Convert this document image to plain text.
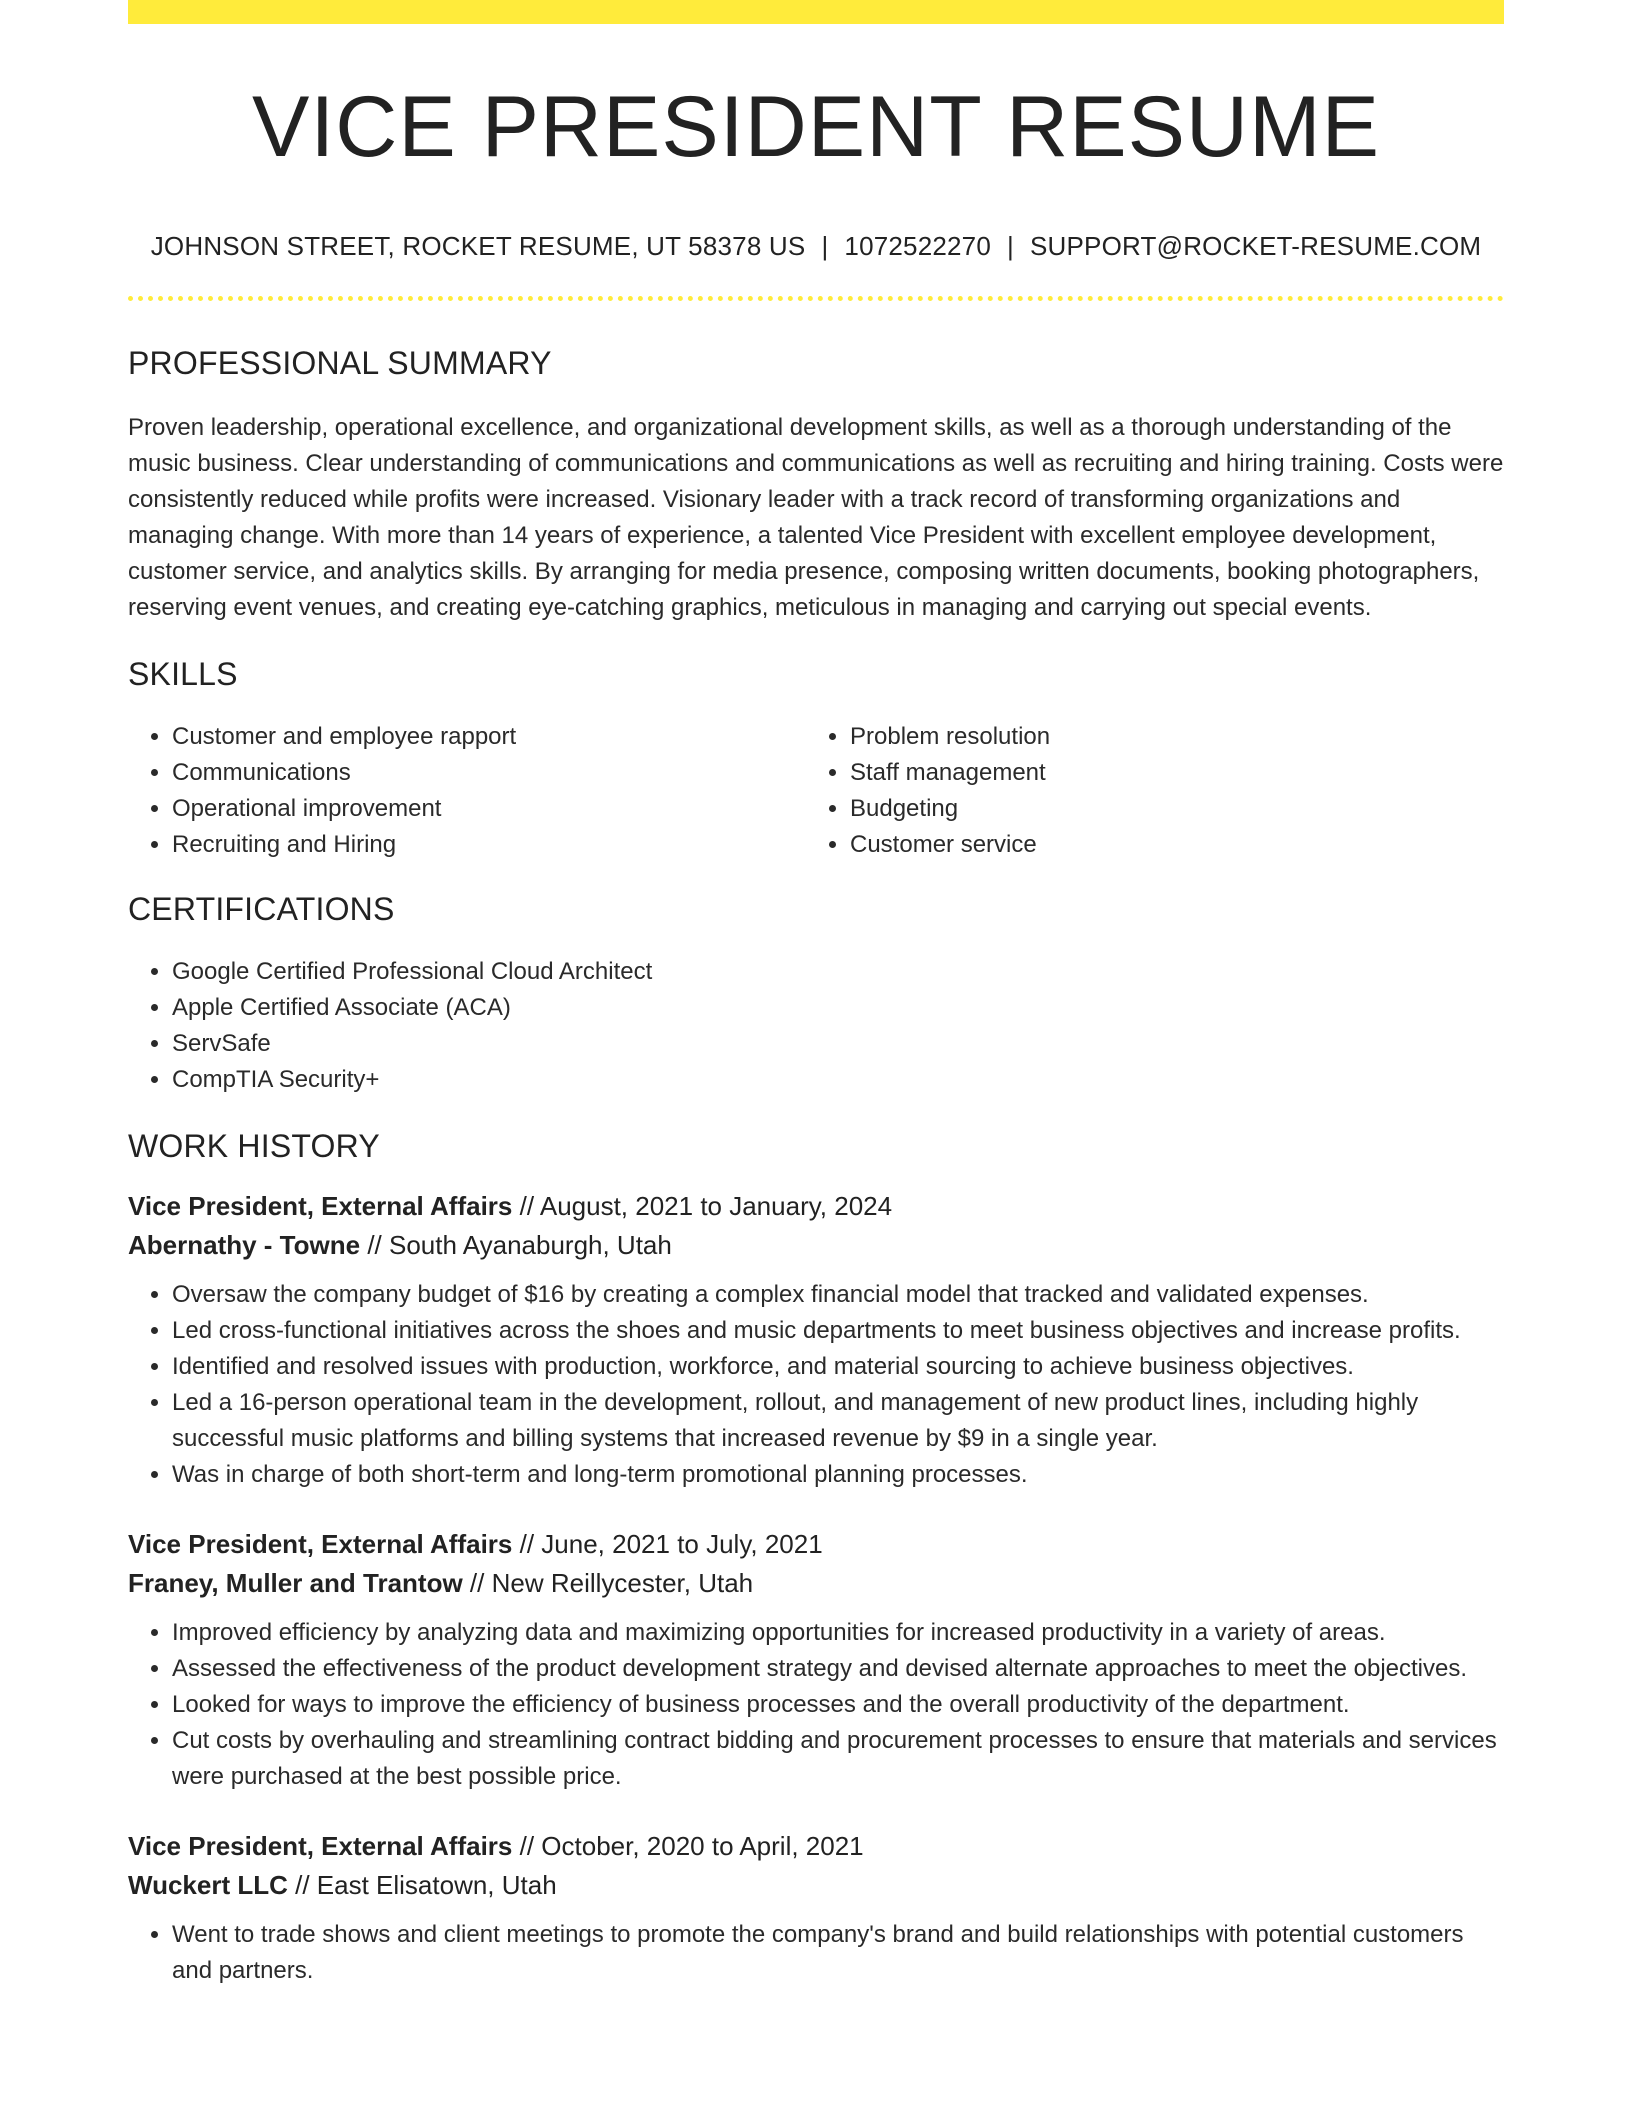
VICE PRESIDENT RESUME
JOHNSON STREET, ROCKET RESUME, UT 58378 US | 1072522270 | SUPPORT@ROCKET-RESUME.COM
PROFESSIONAL SUMMARY

Proven leadership, operational excellence, and organizational development skills, as well as a thorough understanding of the music business. Clear understanding of communications and communications as well as recruiting and hiring training. Costs were consistently reduced while profits were increased. Visionary leader with a track record of transforming organizations and managing change. With more than 14 years of experience, a talented Vice President with excellent employee development, customer service, and analytics skills. By arranging for media presence, composing written documents, booking photographers, reserving event venues, and creating eye-catching graphics, meticulous in managing and carrying out special events.

SKILLS
• Customer and employee rapport
• Communications
• Operational improvement
• Recruiting and Hiring
• Problem resolution
• Staff management
• Budgeting
• Customer service
CERTIFICATIONS
• Google Certified Professional Cloud Architect
• Apple Certified Associate (ACA)
• ServSafe
• CompTIA Security+
WORK HISTORY
Vice President, External Affairs // August, 2021 to January, 2024
Abernathy - Towne // South Ayanaburgh, Utah
• Oversaw the company budget of $16 by creating a complex financial model that tracked and validated expenses.
• Led cross-functional initiatives across the shoes and music departments to meet business objectives and increase profits.
• Identified and resolved issues with production, workforce, and material sourcing to achieve business objectives.
• Led a 16-person operational team in the development, rollout, and management of new product lines, including highly successful music platforms and billing systems that increased revenue by $9 in a single year.
• Was in charge of both short-term and long-term promotional planning processes.
Vice President, External Affairs // June, 2021 to July, 2021
Franey, Muller and Trantow // New Reillycester, Utah
• Improved efficiency by analyzing data and maximizing opportunities for increased productivity in a variety of areas.
• Assessed the effectiveness of the product development strategy and devised alternate approaches to meet the objectives.
• Looked for ways to improve the efficiency of business processes and the overall productivity of the department.
• Cut costs by overhauling and streamlining contract bidding and procurement processes to ensure that materials and services were purchased at the best possible price.
Vice President, External Affairs // October, 2020 to April, 2021
Wuckert LLC // East Elisatown, Utah
• Went to trade shows and client meetings to promote the company's brand and build relationships with potential customers and partners.
